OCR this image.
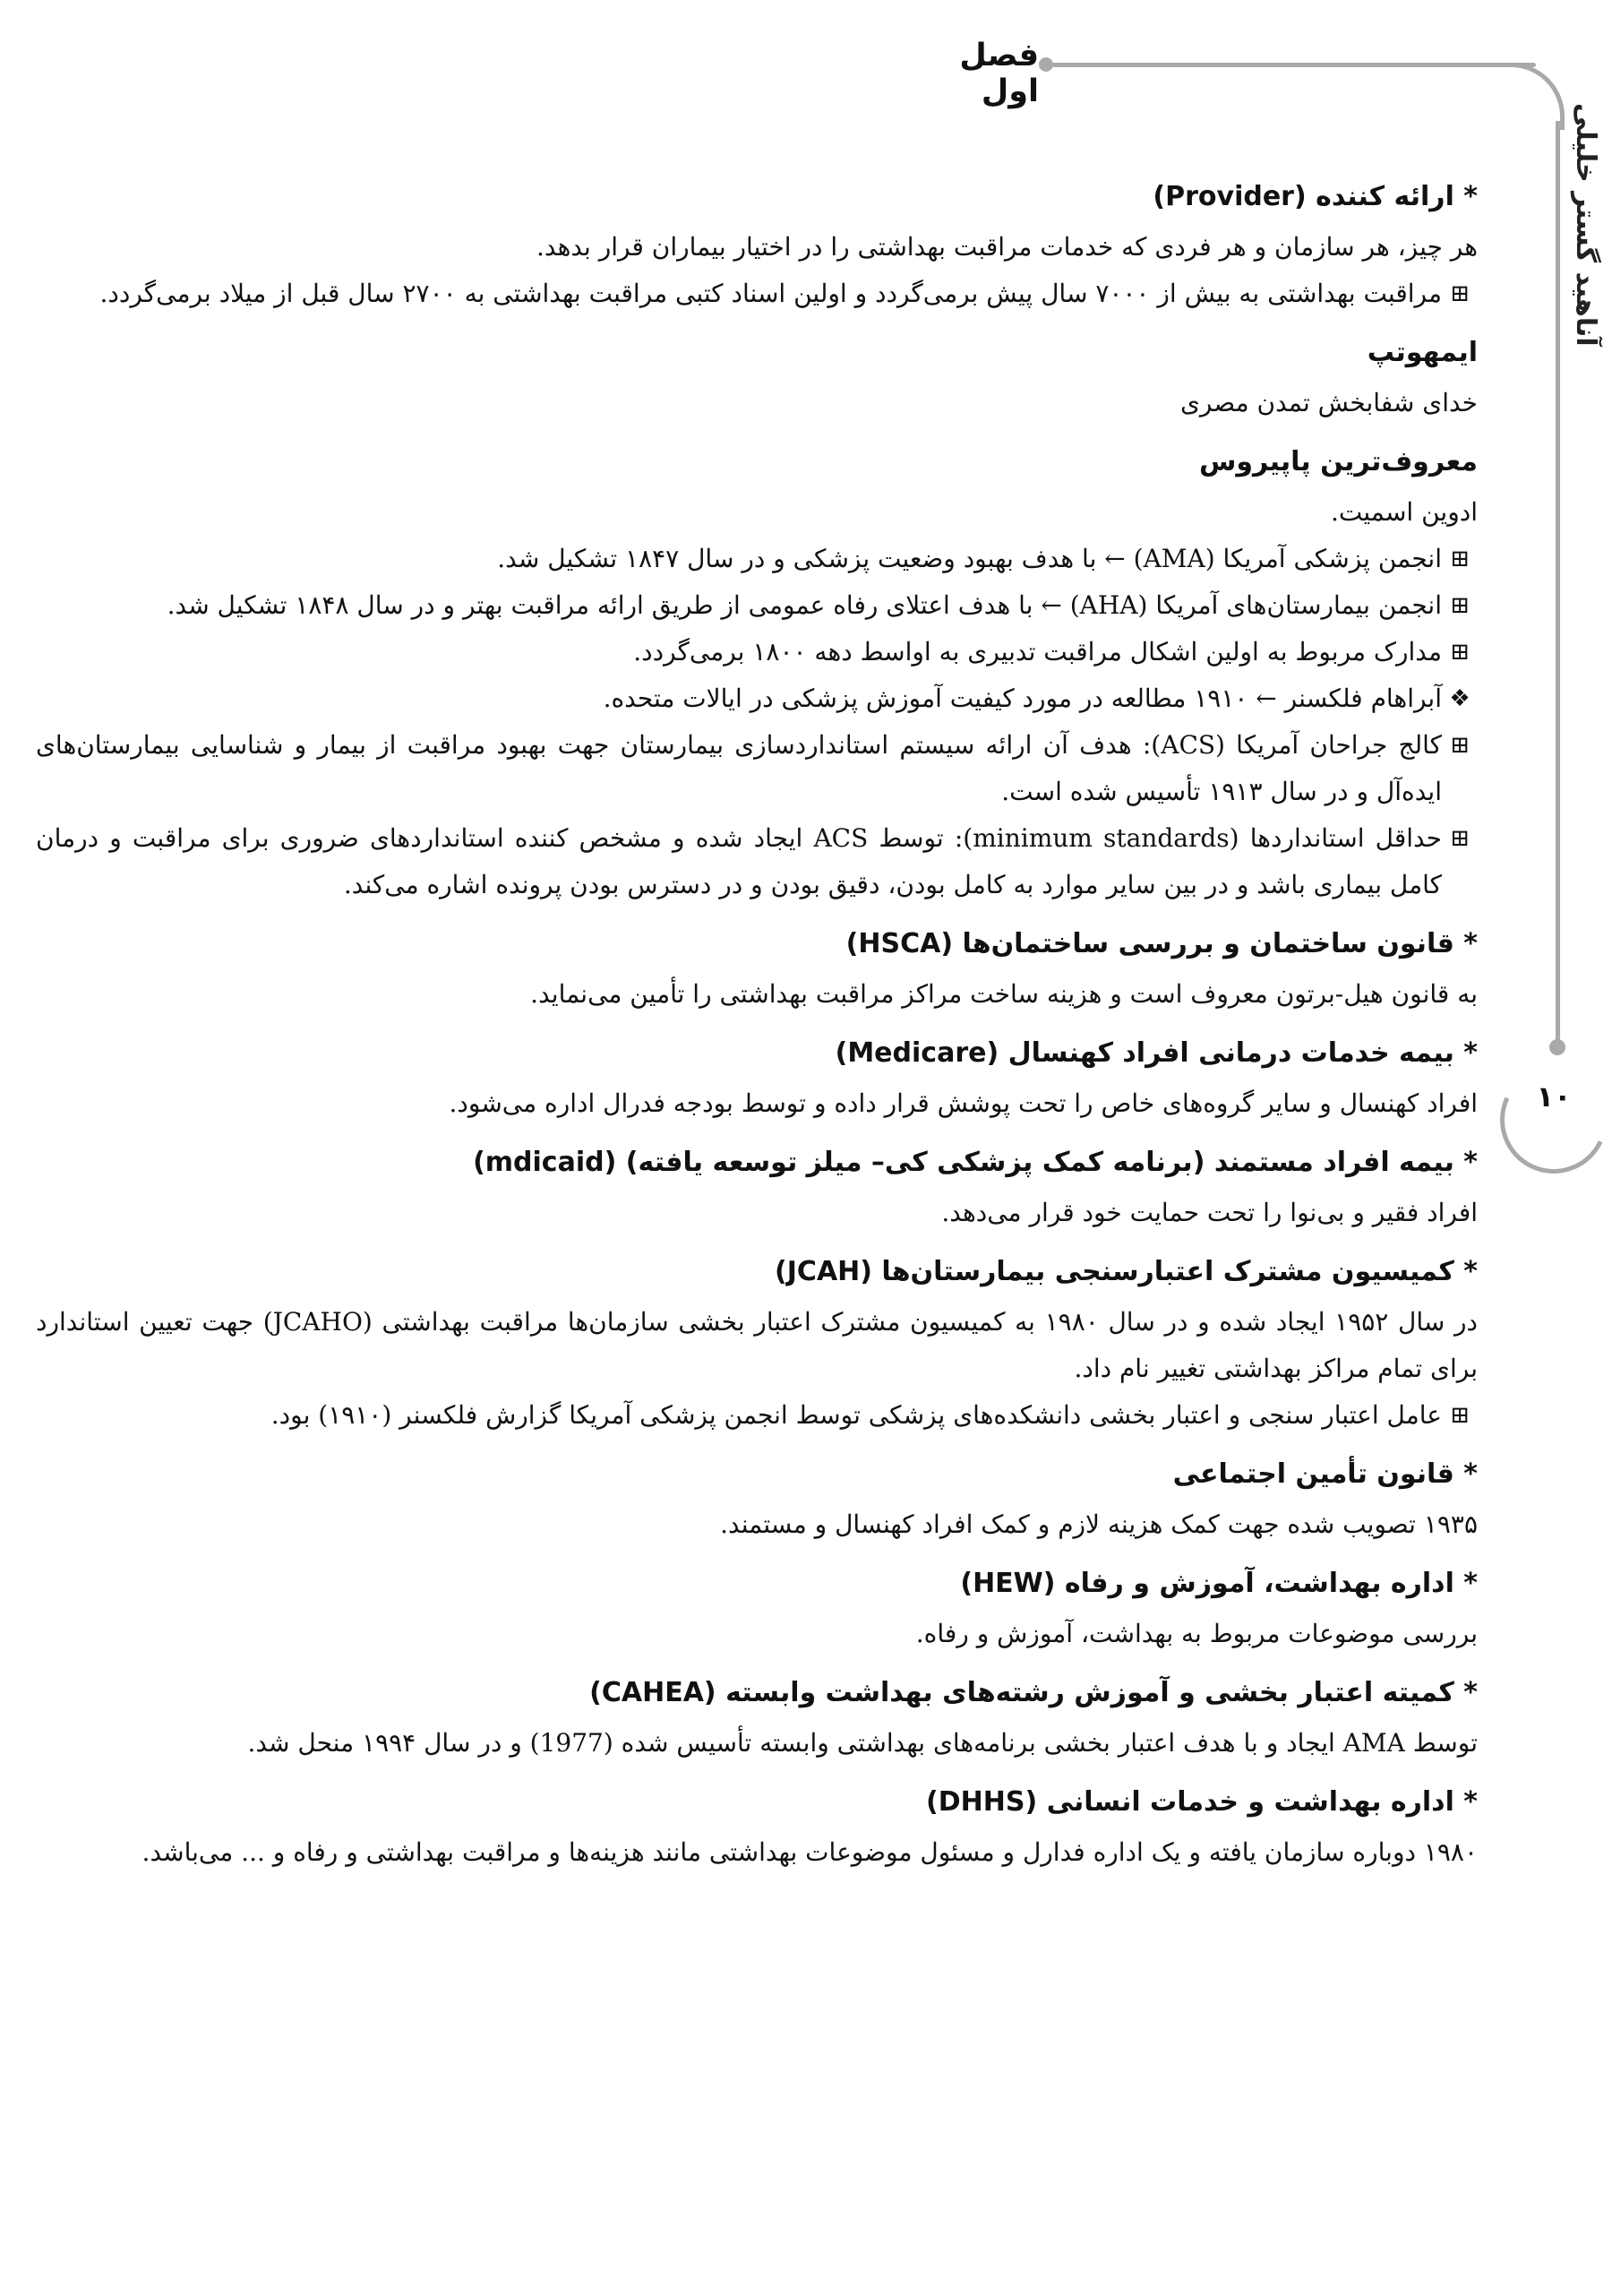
فصل اول
آناهید گستر خلیلی
۱۰
* ارائه کننده (Provider)
هر چیز، هر سازمان و هر فردی که خدمات مراقبت بهداشتی را در اختیار بیماران قرار بدهد.
⊞
مراقبت بهداشتی به بیش از ۷۰۰۰ سال پیش برمی‌گردد و اولین اسناد کتبی مراقبت بهداشتی به ۲۷۰۰ سال قبل از میلاد برمی‌گردد.
ایمهوتپ
خدای شفابخش تمدن مصری
معروف‌ترین پاپیروس
ادوین اسمیت.
⊞
انجمن پزشکی آمریکا (AMA) ← با هدف بهبود وضعیت پزشکی و در سال ۱۸۴۷ تشکیل شد.
⊞
انجمن بیمارستان‌های آمریکا (AHA) ← با هدف اعتلای رفاه عمومی از طریق ارائه مراقبت بهتر و در سال ۱۸۴۸ تشکیل شد.
⊞
مدارک مربوط به اولین اشکال مراقبت تدبیری به اواسط دهه ۱۸۰۰ برمی‌گردد.
❖
آبراهام فلکسنر ← ۱۹۱۰ مطالعه در مورد کیفیت آموزش پزشکی در ایالات متحده.
⊞
کالج جراحان آمریکا (ACS): هدف آن ارائه سیستم استانداردسازی بیمارستان جهت بهبود مراقبت از بیمار و شناسایی بیمارستان‌های ایده‌آل و در سال ۱۹۱۳ تأسیس شده است.
⊞
حداقل استانداردها (minimum standards): توسط ACS ایجاد شده و مشخص کننده استانداردهای ضروری برای مراقبت و درمان کامل بیماری باشد و در بین سایر موارد به کامل بودن، دقیق بودن و در دسترس بودن پرونده اشاره می‌کند.
* قانون ساختمان و بررسی ساختمان‌ها (HSCA)
به قانون هیل-برتون معروف است و هزینه ساخت مراکز مراقبت بهداشتی را تأمین می‌نماید.
* بیمه خدمات درمانی افراد کهنسال (Medicare)
افراد کهنسال و سایر گروه‌های خاص را تحت پوشش قرار داده و توسط بودجه فدرال اداره می‌شود.
* بیمه افراد مستمند (برنامه کمک پزشکی کی– میلز توسعه یافته) (mdicaid)
افراد فقیر و بی‌نوا را تحت حمایت خود قرار می‌دهد.
* کمیسیون مشترک اعتبارسنجی بیمارستان‌ها (JCAH)
در سال ۱۹۵۲ ایجاد شده و در سال ۱۹۸۰ به کمیسیون مشترک اعتبار بخشی سازمان‌ها مراقبت بهداشتی (JCAHO) جهت تعیین استاندارد برای تمام مراکز بهداشتی تغییر نام داد.
⊞
عامل اعتبار سنجی و اعتبار بخشی دانشکده‌های پزشکی توسط انجمن پزشکی آمریکا گزارش فلکسنر (۱۹۱۰) بود.
* قانون تأمین اجتماعی
۱۹۳۵ تصویب شده جهت کمک هزینه لازم و کمک افراد کهنسال و مستمند.
* اداره بهداشت، آموزش و رفاه (HEW)
بررسی موضوعات مربوط به بهداشت، آموزش و رفاه.
* کمیته اعتبار بخشی و آموزش رشته‌های بهداشت وابسته (CAHEA)
توسط AMA ایجاد و با هدف اعتبار بخشی برنامه‌های بهداشتی وابسته تأسیس شده (1977) و در سال ۱۹۹۴ منحل شد.
* اداره بهداشت و خدمات انسانی (DHHS)
۱۹۸۰ دوباره سازمان یافته و یک اداره فدارل و مسئول موضوعات بهداشتی مانند هزینه‌ها و مراقبت بهداشتی و رفاه و ... می‌باشد.
